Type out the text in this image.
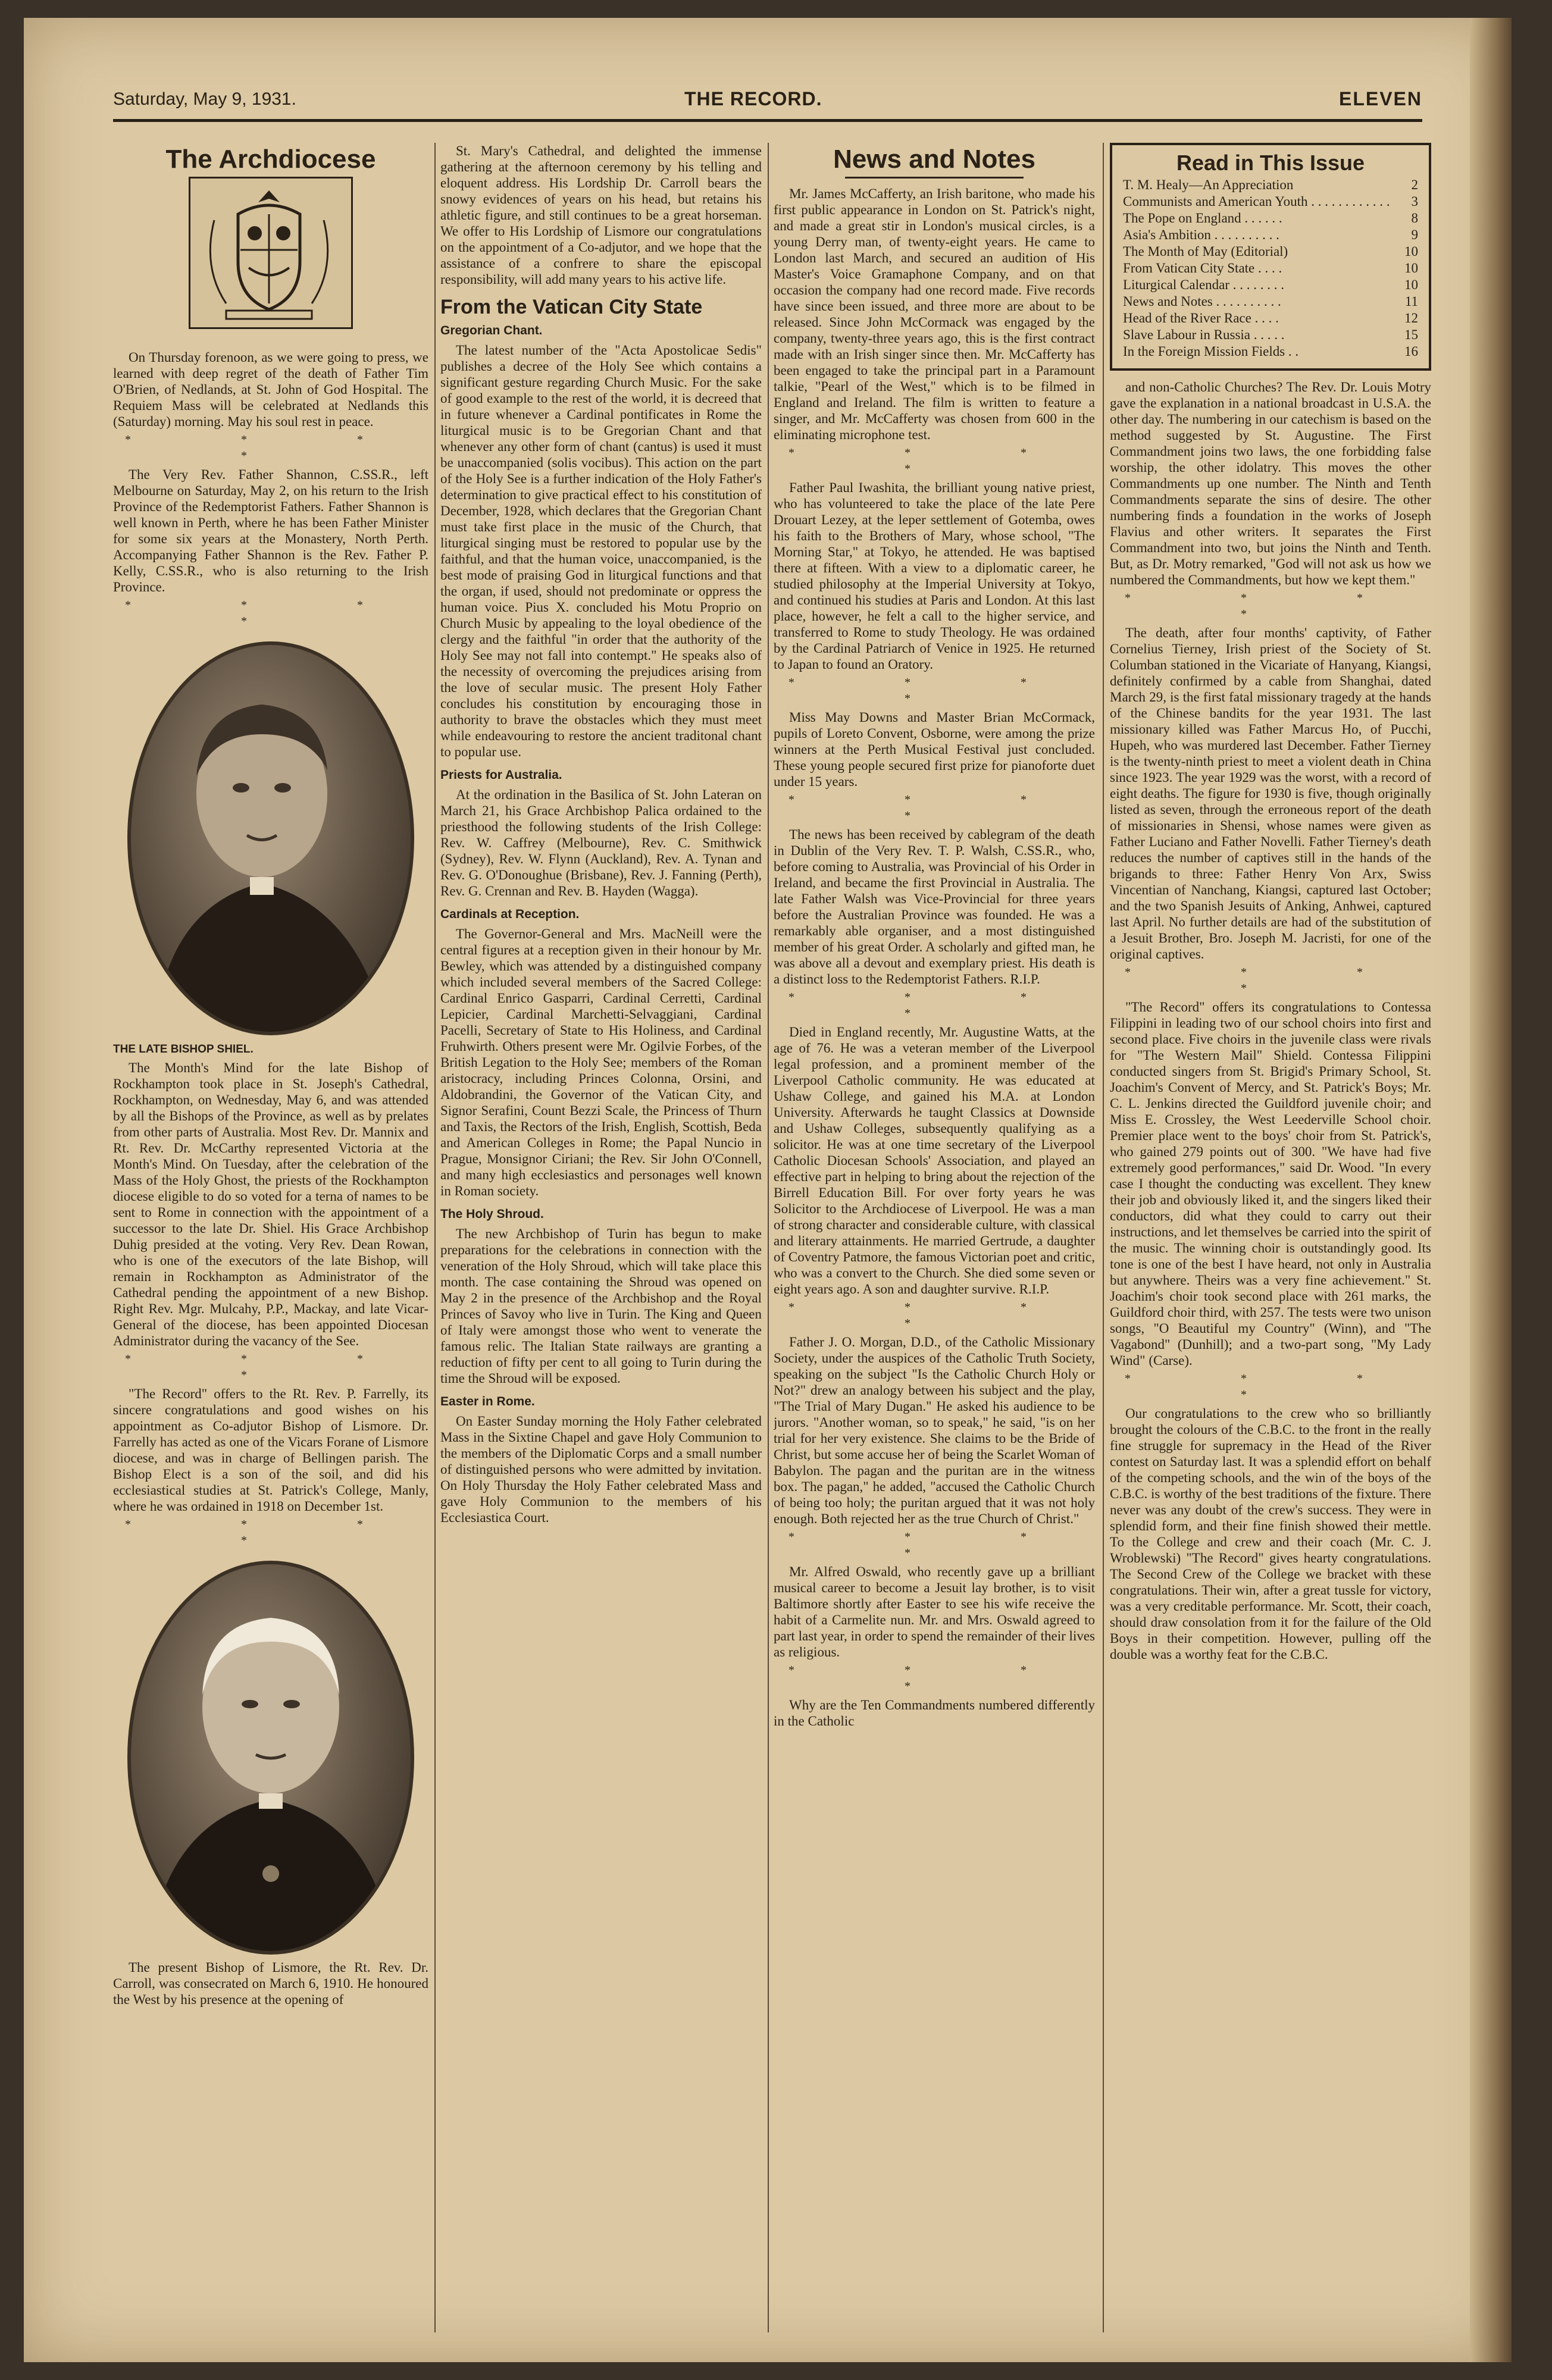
Saturday, May 9, 1931.	THE RECORD.	ELEVEN
The Archdiocese

On Thursday forenoon, as we were going to press, we learned with deep regret of the death of Father Tim O'Brien, of Nedlands, at St. John of God Hospital. The Requiem Mass will be celebrated at Nedlands this (Saturday) morning. May his soul rest in peace.

* * * *

The Very Rev. Father Shannon, C.SS.R., left Melbourne on Saturday, May 2, on his return to the Irish Province of the Redemptorist Fathers. Father Shannon is well known in Perth, where he has been Father Minister for some six years at the Monastery, North Perth. Accompanying Father Shannon is the Rev. Father P. Kelly, C.SS.R., who is also returning to the Irish Province.

* * * *
THE LATE BISHOP SHIEL.

The Month's Mind for the late Bishop of Rockhampton took place in St. Joseph's Cathedral, Rockhampton, on Wednesday, May 6, and was attended by all the Bishops of the Province, as well as by prelates from other parts of Australia. Most Rev. Dr. Mannix and Rt. Rev. Dr. McCarthy represented Victoria at the Month's Mind. On Tuesday, after the celebration of the Mass of the Holy Ghost, the priests of the Rockhampton diocese eligible to do so voted for a terna of names to be sent to Rome in connection with the appointment of a successor to the late Dr. Shiel. His Grace Archbishop Duhig presided at the voting. Very Rev. Dean Rowan, who is one of the executors of the late Bishop, will remain in Rockhampton as Administrator of the Cathedral pending the appointment of a new Bishop. Right Rev. Mgr. Mulcahy, P.P., Mackay, and late Vicar-General of the diocese, has been appointed Diocesan Administrator during the vacancy of the See.

* * * *

"The Record" offers to the Rt. Rev. P. Farrelly, its sincere congratulations and good wishes on his appointment as Co-adjutor Bishop of Lismore. Dr. Farrelly has acted as one of the Vicars Forane of Lismore diocese, and was in charge of Bellingen parish. The Bishop Elect is a son of the soil, and did his ecclesiastical studies at St. Patrick's College, Manly, where he was ordained in 1918 on December 1st.

* * * *

The present Bishop of Lismore, the Rt. Rev. Dr. Carroll, was consecrated on March 6, 1910. He honoured the West by his presence at the opening of

St. Mary's Cathedral, and delighted the immense gathering at the afternoon ceremony by his telling and eloquent address. His Lordship Dr. Carroll bears the snowy evidences of years on his head, but retains his athletic figure, and still continues to be a great horseman. We offer to His Lordship of Lismore our congratulations on the appointment of a Co-adjutor, and we hope that the assistance of a confrere to share the episcopal responsibility, will add many years to his active life.

From the Vatican City State
Gregorian Chant.

The latest number of the "Acta Apostolicae Sedis" publishes a decree of the Holy See which contains a significant gesture regarding Church Music. For the sake of good example to the rest of the world, it is decreed that in future whenever a Cardinal pontificates in Rome the liturgical music is to be Gregorian Chant and that whenever any other form of chant (cantus) is used it must be unaccompanied (solis vocibus). This action on the part of the Holy See is a further indication of the Holy Father's determination to give practical effect to his constitution of December, 1928, which declares that the Gregorian Chant must take first place in the music of the Church, that liturgical singing must be restored to popular use by the faithful, and that the human voice, unaccompanied, is the best mode of praising God in liturgical functions and that the organ, if used, should not predominate or oppress the human voice. Pius X. concluded his Motu Proprio on Church Music by appealing to the loyal obedience of the clergy and the faithful "in order that the authority of the Holy See may not fall into contempt." He speaks also of the necessity of overcoming the prejudices arising from the love of secular music. The present Holy Father concludes his constitution by encouraging those in authority to brave the obstacles which they must meet while endeavouring to restore the ancient traditonal chant to popular use.

Priests for Australia.

At the ordination in the Basilica of St. John Lateran on March 21, his Grace Archbishop Palica ordained to the priesthood the following students of the Irish College: Rev. W. Caffrey (Melbourne), Rev. C. Smithwick (Sydney), Rev. W. Flynn (Auckland), Rev. A. Tynan and Rev. G. O'Donoughue (Brisbane), Rev. J. Fanning (Perth), Rev. G. Crennan and Rev. B. Hayden (Wagga).

Cardinals at Reception.

The Governor-General and Mrs. MacNeill were the central figures at a reception given in their honour by Mr. Bewley, which was attended by a distinguished company which included several members of the Sacred College: Cardinal Enrico Gasparri, Cardinal Cerretti, Cardinal Lepicier, Cardinal Marchetti-Selvaggiani, Cardinal Pacelli, Secretary of State to His Holiness, and Cardinal Fruhwirth. Others present were Mr. Ogilvie Forbes, of the British Legation to the Holy See; members of the Roman aristocracy, including Princes Colonna, Orsini, and Aldobrandini, the Governor of the Vatican City, and Signor Serafini, Count Bezzi Scale, the Princess of Thurn and Taxis, the Rectors of the Irish, English, Scottish, Beda and American Colleges in Rome; the Papal Nuncio in Prague, Monsignor Ciriani; the Rev. Sir John O'Connell, and many high ecclesiastics and personages well known in Roman society.

The Holy Shroud.

The new Archbishop of Turin has begun to make preparations for the celebrations in connection with the veneration of the Holy Shroud, which will take place this month. The case containing the Shroud was opened on May 2 in the presence of the Archbishop and the Royal Princes of Savoy who live in Turin. The King and Queen of Italy were amongst those who went to venerate the famous relic. The Italian State railways are granting a reduction of fifty per cent to all going to Turin during the time the Shroud will be exposed.

Easter in Rome.

On Easter Sunday morning the Holy Father celebrated Mass in the Sixtine Chapel and gave Holy Communion to the members of the Diplomatic Corps and a small number of distinguished persons who were admitted by invitation. On Holy Thursday the Holy Father celebrated Mass and gave Holy Communion to the members of his Ecclesiastica Court.

News and Notes

Mr. James McCafferty, an Irish baritone, who made his first public appearance in London on St. Patrick's night, and made a great stir in London's musical circles, is a young Derry man, of twenty-eight years. He came to London last March, and secured an audition of His Master's Voice Gramaphone Company, and on that occasion the company had one record made. Five records have since been issued, and three more are about to be released. Since John McCormack was engaged by the company, twenty-three years ago, this is the first contract made with an Irish singer since then. Mr. McCafferty has been engaged to take the principal part in a Paramount talkie, "Pearl of the West," which is to be filmed in England and Ireland. The film is written to feature a singer, and Mr. McCafferty was chosen from 600 in the eliminating microphone test.

* * * *

Father Paul Iwashita, the brilliant young native priest, who has volunteered to take the place of the late Pere Drouart Lezey, at the leper settlement of Gotemba, owes his faith to the Brothers of Mary, whose school, "The Morning Star," at Tokyo, he attended. He was baptised there at fifteen. With a view to a diplomatic career, he studied philosophy at the Imperial University at Tokyo, and continued his studies at Paris and London. At this last place, however, he felt a call to the higher service, and transferred to Rome to study Theology. He was ordained by the Cardinal Patriarch of Venice in 1925. He returned to Japan to found an Oratory.

* * * *

Miss May Downs and Master Brian McCormack, pupils of Loreto Convent, Osborne, were among the prize winners at the Perth Musical Festival just concluded. These young people secured first prize for pianoforte duet under 15 years.

* * * *

The news has been received by cablegram of the death in Dublin of the Very Rev. T. P. Walsh, C.SS.R., who, before coming to Australia, was Provincial of his Order in Ireland, and became the first Provincial in Australia. The late Father Walsh was Vice-Provincial for three years before the Australian Province was founded. He was a remarkably able organiser, and a most distinguished member of his great Order. A scholarly and gifted man, he was above all a devout and exemplary priest. His death is a distinct loss to the Redemptorist Fathers. R.I.P.

* * * *

Died in England recently, Mr. Augustine Watts, at the age of 76. He was a veteran member of the Liverpool legal profession, and a prominent member of the Liverpool Catholic community. He was educated at Ushaw College, and gained his M.A. at London University. Afterwards he taught Classics at Downside and Ushaw Colleges, subsequently qualifying as a solicitor. He was at one time secretary of the Liverpool Catholic Diocesan Schools' Association, and played an effective part in helping to bring about the rejection of the Birrell Education Bill. For over forty years he was Solicitor to the Archdiocese of Liverpool. He was a man of strong character and considerable culture, with classical and literary attainments. He married Gertrude, a daughter of Coventry Patmore, the famous Victorian poet and critic, who was a convert to the Church. She died some seven or eight years ago. A son and daughter survive. R.I.P.

* * * *

Father J. O. Morgan, D.D., of the Catholic Missionary Society, under the auspices of the Catholic Truth Society, speaking on the subject "Is the Catholic Church Holy or Not?" drew an analogy between his subject and the play, "The Trial of Mary Dugan." He asked his audience to be jurors. "Another woman, so to speak," he said, "is on her trial for her very existence. She claims to be the Bride of Christ, but some accuse her of being the Scarlet Woman of Babylon. The pagan and the puritan are in the witness box. The pagan," he added, "accused the Catholic Church of being too holy; the puritan argued that it was not holy enough. Both rejected her as the true Church of Christ."

* * * *

Mr. Alfred Oswald, who recently gave up a brilliant musical career to become a Jesuit lay brother, is to visit Baltimore shortly after Easter to see his wife receive the habit of a Carmelite nun. Mr. and Mrs. Oswald agreed to part last year, in order to spend the remainder of their lives as religious.

* * * *

Why are the Ten Commandments numbered differently in the Catholic

Read in This Issue
T. M. Healy—An Appreciation	2
Communists and American Youth . . . . . . . . . . . .	3
The Pope on England . . . . . .	8
Asia's Ambition . . . . . . . . . .	9
The Month of May (Editorial)	10
From Vatican City State . . . .	10
Liturgical Calendar . . . . . . . .	10
News and Notes . . . . . . . . . .	11
Head of the River Race . . . .	12
Slave Labour in Russia . . . . .	15
In the Foreign Mission Fields . .	16

and non-Catholic Churches? The Rev. Dr. Louis Motry gave the explanation in a national broadcast in U.S.A. the other day. The numbering in our catechism is based on the method suggested by St. Augustine. The First Commandment joins two laws, the one forbidding false worship, the other idolatry. This moves the other Commandments up one number. The Ninth and Tenth Commandments separate the sins of desire. The other numbering finds a foundation in the works of Joseph Flavius and other writers. It separates the First Commandment into two, but joins the Ninth and Tenth. But, as Dr. Motry remarked, "God will not ask us how we numbered the Commandments, but how we kept them."

* * * *

The death, after four months' captivity, of Father Cornelius Tierney, Irish priest of the Society of St. Columban stationed in the Vicariate of Hanyang, Kiangsi, definitely confirmed by a cable from Shanghai, dated March 29, is the first fatal missionary tragedy at the hands of the Chinese bandits for the year 1931. The last missionary killed was Father Marcus Ho, of Pucchi, Hupeh, who was murdered last December. Father Tierney is the twenty-ninth priest to meet a violent death in China since 1923. The year 1929 was the worst, with a record of eight deaths. The figure for 1930 is five, though originally listed as seven, through the erroneous report of the death of missionaries in Shensi, whose names were given as Father Luciano and Father Novelli. Father Tierney's death reduces the number of captives still in the hands of the brigands to three: Father Henry Von Arx, Swiss Vincentian of Nanchang, Kiangsi, captured last October; and the two Spanish Jesuits of Anking, Anhwei, captured last April. No further details are had of the substitution of a Jesuit Brother, Bro. Joseph M. Jacristi, for one of the original captives.

* * * *

"The Record" offers its congratulations to Contessa Filippini in leading two of our school choirs into first and second place. Five choirs in the juvenile class were rivals for "The Western Mail" Shield. Contessa Filippini conducted singers from St. Brigid's Primary School, St. Joachim's Convent of Mercy, and St. Patrick's Boys; Mr. C. L. Jenkins directed the Guildford juvenile choir; and Miss E. Crossley, the West Leederville School choir. Premier place went to the boys' choir from St. Patrick's, who gained 279 points out of 300. "We have had five extremely good performances," said Dr. Wood. "In every case I thought the conducting was excellent. They knew their job and obviously liked it, and the singers liked their conductors, did what they could to carry out their instructions, and let themselves be carried into the spirit of the music. The winning choir is outstandingly good. Its tone is one of the best I have heard, not only in Australia but anywhere. Theirs was a very fine achievement." St. Joachim's choir took second place with 261 marks, the Guildford choir third, with 257. The tests were two unison songs, "O Beautiful my Country" (Winn), and "The Vagabond" (Dunhill); and a two-part song, "My Lady Wind" (Carse).

* * * *

Our congratulations to the crew who so brilliantly brought the colours of the C.B.C. to the front in the really fine struggle for supremacy in the Head of the River contest on Saturday last. It was a splendid effort on behalf of the competing schools, and the win of the boys of the C.B.C. is worthy of the best traditions of the fixture. There never was any doubt of the crew's success. They were in splendid form, and their fine finish showed their mettle. To the College and crew and their coach (Mr. C. J. Wroblewski) "The Record" gives hearty congratulations. The Second Crew of the College we bracket with these congratulations. Their win, after a great tussle for victory, was a very creditable performance. Mr. Scott, their coach, should draw consolation from it for the failure of the Old Boys in their competition. However, pulling off the double was a worthy feat for the C.B.C.
